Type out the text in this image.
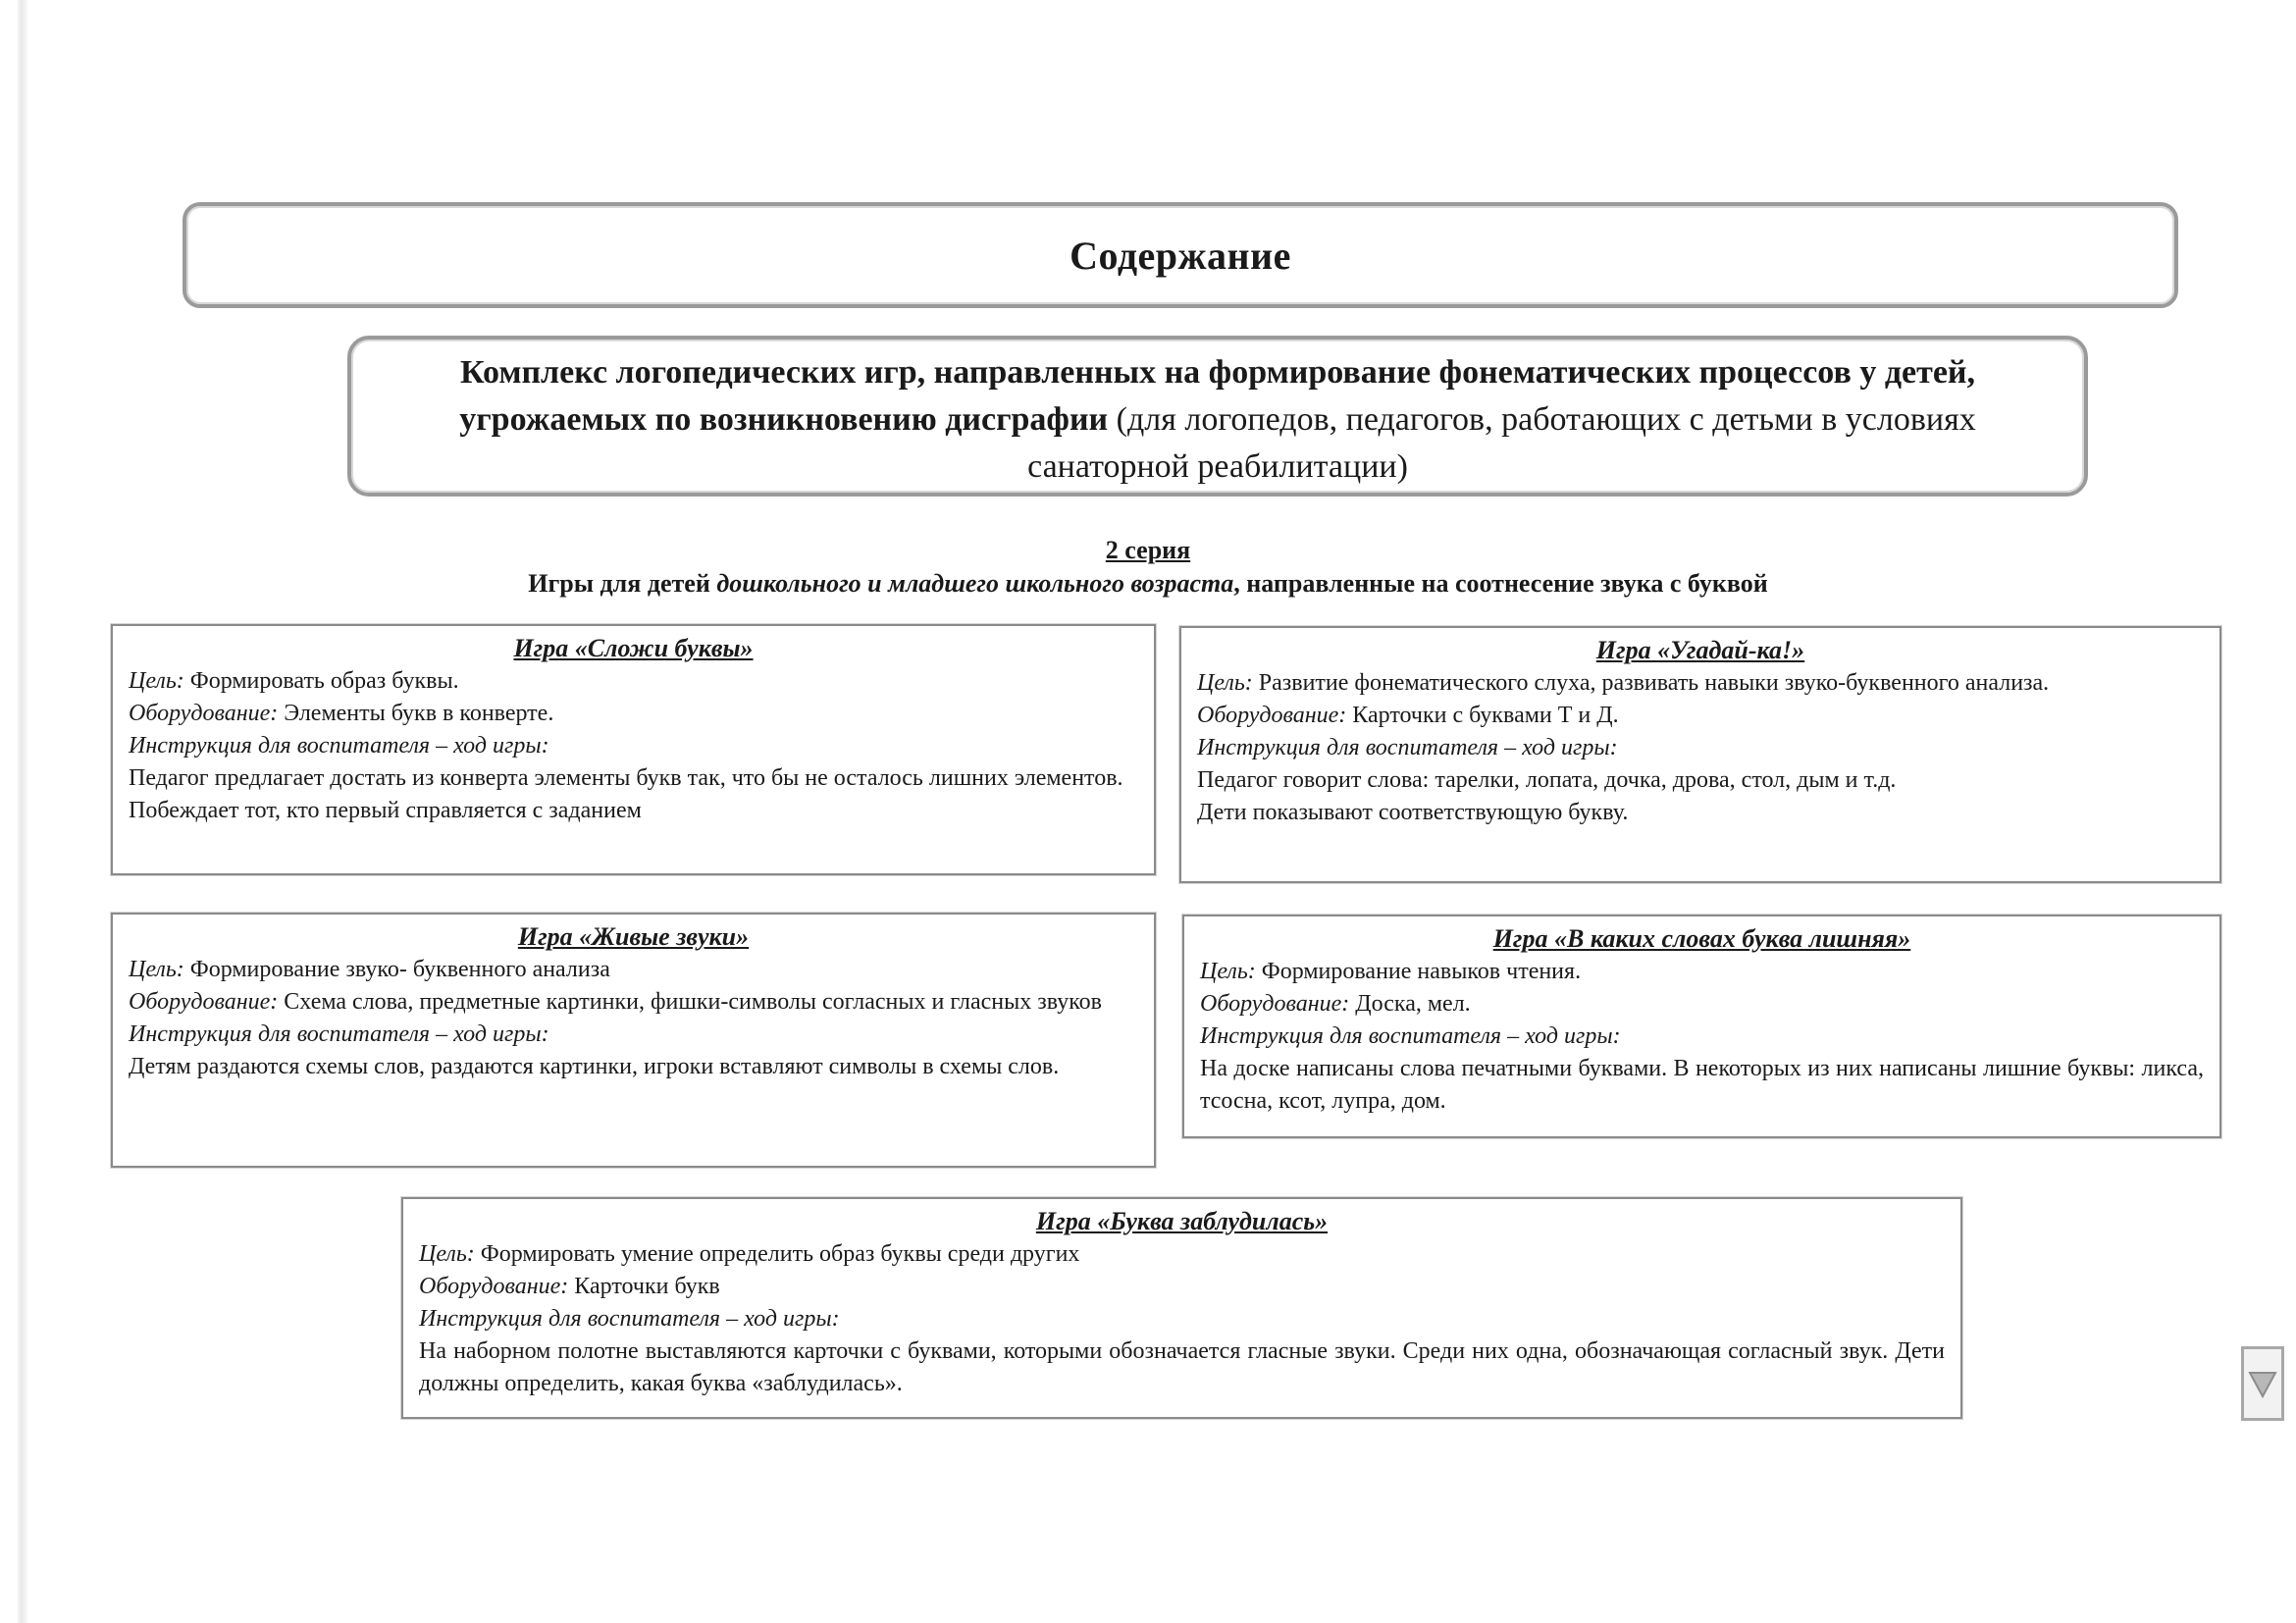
Содержание
Комплекс логопедических игр, направленных на формирование фонематических процессов у детей, угрожаемых по возникновению дисграфии (для логопедов, педагогов, работающих с детьми в условиях санаторной реабилитации)
2 серия
Игры для детей дошкольного и младшего школьного возраста, направленные на соотнесение звука с буквой
Игра «Сложи буквы»

Цель: Формировать образ буквы.

Оборудование: Элементы букв в конверте.

Инструкция для воспитателя – ход игры:

Педагог предлагает достать из конверта элементы букв так, что бы не осталось лишних элементов.

Побеждает тот, кто первый справляется с заданием

Игра «Угадай-ка!»

Цель: Развитие фонематического слуха, развивать навыки звуко-буквенного анализа.

Оборудование: Карточки с буквами Т и Д.

Инструкция для воспитателя – ход игры:

Педагог говорит слова: тарелки, лопата, дочка, дрова, стол, дым и т.д.

Дети показывают соответствующую букву.

Игра «Живые звуки»

Цель: Формирование звуко- буквенного анализа

Оборудование: Схема слова, предметные картинки, фишки-символы согласных и гласных звуков

Инструкция для воспитателя – ход игры:

Детям раздаются схемы слов, раздаются картинки, игроки вставляют символы в схемы слов.

Игра «В каких словах буква лишняя»

Цель: Формирование навыков чтения.

Оборудование: Доска, мел.

Инструкция для воспитателя – ход игры:

На доске написаны слова печатными буквами. В некоторых из них написаны лишние буквы: ликса, тсосна, ксот, лупра, дом.

Игра «Буква заблудилась»

Цель: Формировать умение определить образ буквы среди других

Оборудование: Карточки букв

Инструкция для воспитателя – ход игры:

На наборном полотне выставляются карточки с буквами, которыми обозначается гласные звуки. Среди них одна, обозначающая согласный звук. Дети должны определить, какая буква «заблудилась».
